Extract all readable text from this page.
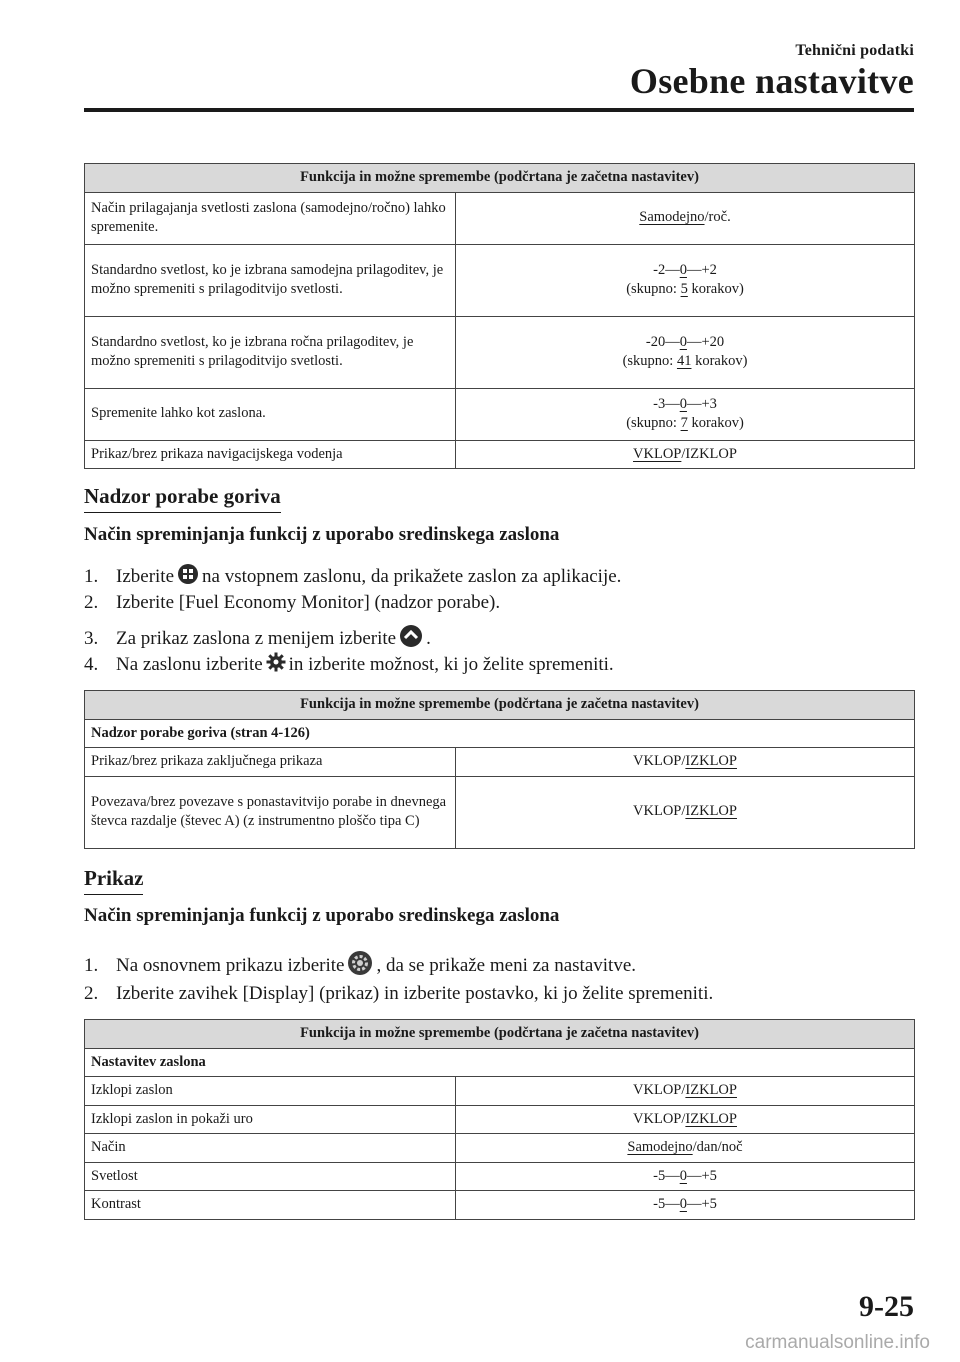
Tehnični podatki
Osebne nastavitve
Funkcija in možne spremembe (podčrtana je začetna nastavitev)	
Način prilagajanja svetlosti zaslona (samodejno/ročno) lahko spremenite.	Samodejno/roč.
Standardno svetlost, ko je izbrana samodejna prilagoditev, je možno spremeniti s prilagoditvijo svetlosti.	-2—0—+2
(skupno: 5 korakov)

Standardno svetlost, ko je izbrana ročna prilagoditev, je možno spremeniti s prilagoditvijo svetlosti.	-20—0—+20
(skupno: 41 korakov)

Spremenite lahko kot zaslona.	-3—0—+3
(skupno: 7 korakov)

Prikaz/brez prikaza navigacijskega vodenja	VKLOP/IZKLOP
Nadzor porabe goriva
Način spreminjanja funkcij z uporabo sredinskega zaslona
1. Izberite na vstopnem zaslonu, da prikažete zaslon za aplikacije.
2. Izberite [Fuel Economy Monitor] (nadzor porabe).
3. Za prikaz zaslona z menijem izberite .
4. Na zaslonu izberite in izberite možnost, ki jo želite spremeniti.
Funkcija in možne spremembe (podčrtana je začetna nastavitev)	
Nadzor porabe goriva (stran 4-126)	
Prikaz/brez prikaza zaključnega prikaza	VKLOP/IZKLOP
Povezava/brez povezave s ponastavitvijo porabe in dnevnega števca razdalje (števec A) (z instrumentno ploščo tipa C)	VKLOP/IZKLOP
Prikaz
Način spreminjanja funkcij z uporabo sredinskega zaslona
1. Na osnovnem prikazu izberite , da se prikaže meni za nastavitve.
2. Izberite zavihek [Display] (prikaz) in izberite postavko, ki jo želite spremeniti.
Funkcija in možne spremembe (podčrtana je začetna nastavitev)	
Nastavitev zaslona	
Izklopi zaslon	VKLOP/IZKLOP
Izklopi zaslon in pokaži uro	VKLOP/IZKLOP
Način	Samodejno/dan/noč
Svetlost	-5—0—+5
Kontrast	-5—0—+5
9-25
carmanualsonline.info
